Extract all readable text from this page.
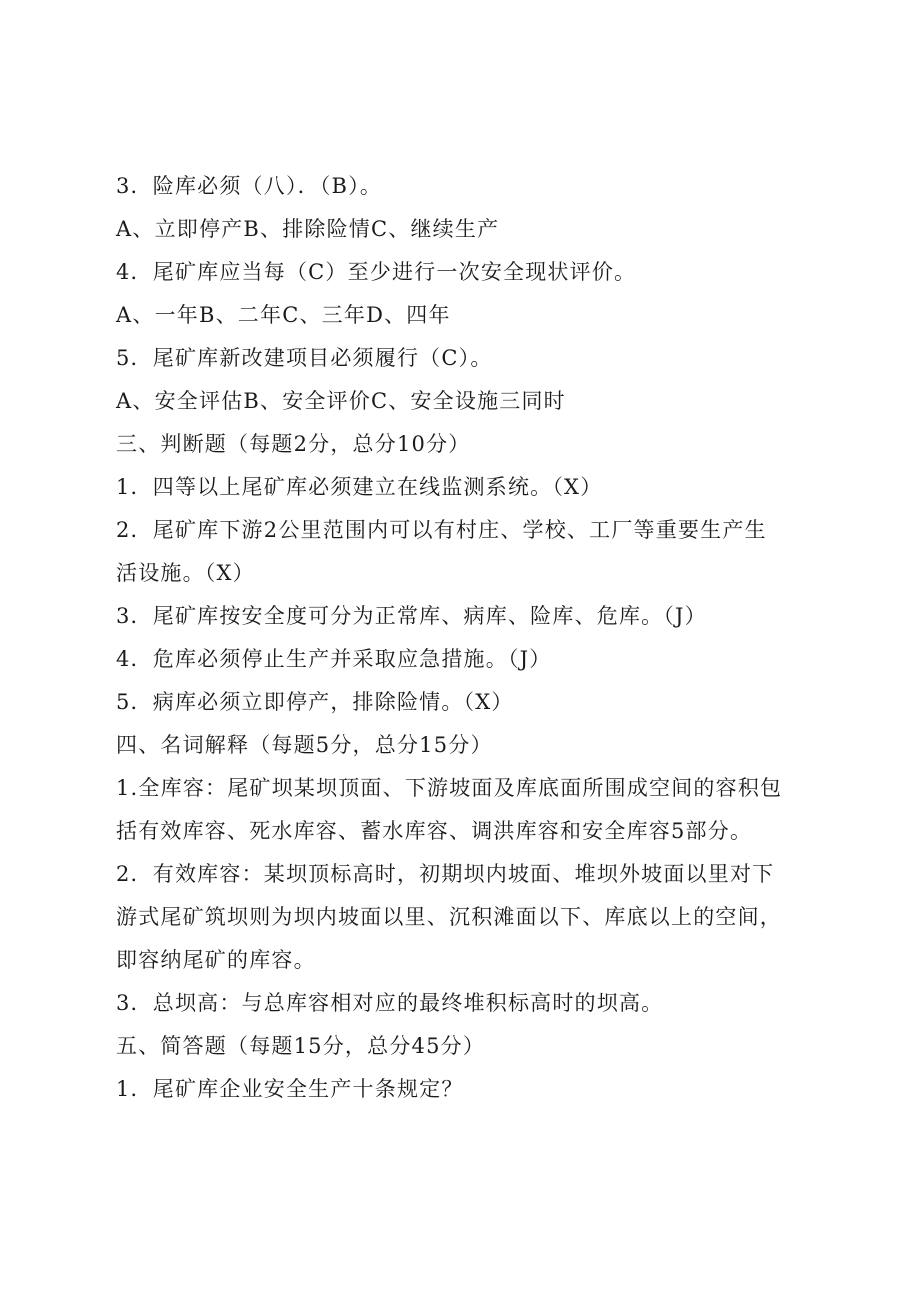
3．险库必须（八）．（B）。

A、立即停产B、排除险情C、继续生产

4．尾矿库应当每（C）至少进行一次安全现状评价。

A、一年B、二年C、三年D、四年

5．尾矿库新改建项目必须履行（C）。

A、安全评估B、安全评价C、安全设施三同时

三、判断题（每题2分，总分10分）

1．四等以上尾矿库必须建立在线监测系统。（X）

2．尾矿库下游2公里范围内可以有村庄、学校、工厂等重要生产生

活设施。（X）

3．尾矿库按安全度可分为正常库、病库、险库、危库。（J）

4．危库必须停止生产并采取应急措施。（J）

5．病库必须立即停产，排除险情。（X）

四、名词解释（每题5分，总分15分）

1.全库容：尾矿坝某坝顶面、下游坡面及库底面所围成空间的容积包

括有效库容、死水库容、蓄水库容、调洪库容和安全库容5部分。

2．有效库容：某坝顶标高时，初期坝内坡面、堆坝外坡面以里对下

游式尾矿筑坝则为坝内坡面以里、沉积滩面以下、库底以上的空间，

即容纳尾矿的库容。

3．总坝高：与总库容相对应的最终堆积标高时的坝高。

五、简答题（每题15分，总分45分）

1．尾矿库企业安全生产十条规定？
